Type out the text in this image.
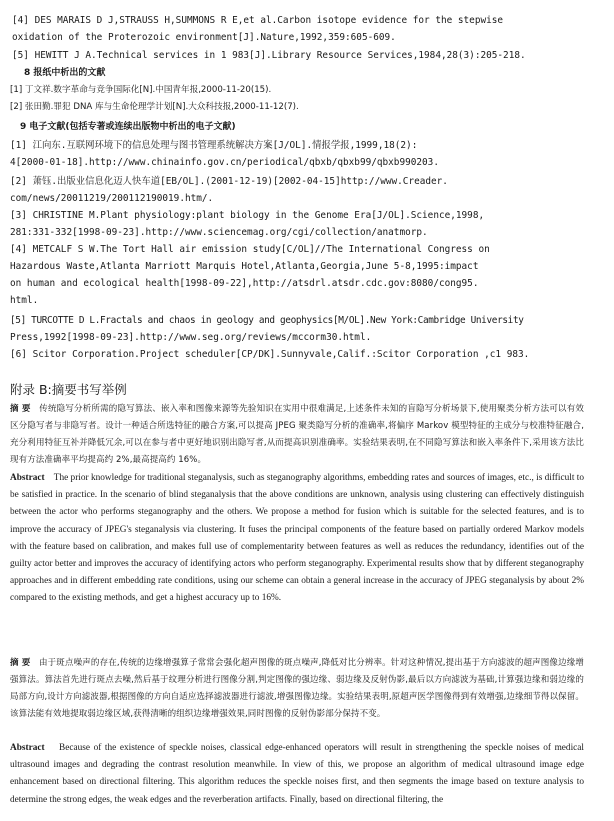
[4] DES MARAIS D J,STRAUSS H,SUMMONS R E,et al.Carbon isotope evidence for the stepwise
oxidation of the Proterozoic environment[J].Nature,1992,359:605-609.
[5] HEWITT J A.Technical services in 1 983[J].Library Resource Services,1984,28(3):205-218.
8 报纸中析出的文献
[1] 丁文祥.数字革命与竞争国际化[N].中国青年报,2000-11-20(15).
[2] 张田勤.罪犯 DNA 库与生命伦理学计划[N].大众科技报,2000-11-12(7).
9 电子文献(包括专著或连续出版物中析出的电子文献)
[1] 江向东.互联网环境下的信息处理与图书管理系统解决方案[J/OL].情报学报,1999,18(2):
4[2000-01-18].http://www.chinainfo.gov.cn/periodical/qbxb/qbxb99/qbxb990203.
[2] 萧钰.出版业信息化迈人快车道[EB/OL].(2001-12-19)[2002-04-15]http://www.Creader.
com/news/20011219/200112190019.htm/.
[3] CHRISTINE M.Plant physiology:plant biology in the Genome Era[J/OL].Science,1998,
281:331-332[1998-09-23].http://www.sciencemag.org/cgi/collection/anatmorp.
[4] METCALF S W.The Tort Hall air emission study[C/OL]//The International Congress on
Hazardous Waste,Atlanta Marriott Marquis Hotel,Atlanta,Georgia,June 5-8,1995:impact
on human and ecological health[1998-09-22],http://atsdrl.atsdr.cdc.gov:8080/cong95.
html.
[5] TURCOTTE D L.Fractals and chaos in geology and geophysics[M/OL].New York:Cambridge University
Press,1992[1998-09-23].http://www.seg.org/reviews/mccorm30.html.
[6] Scitor Corporation.Project scheduler[CP/DK].Sunnyvale,Calif.:Scitor Corporation ,c1 983.
附录 B:摘要书写举例

摘 要 传统隐写分析所需的隐写算法、嵌入率和图像来源等先验知识在实用中很难满足,上述条件未知的盲隐写分析场景下,使用聚类分析方法可以有效区分隐写者与非隐写者。设计一种适合所选特征的融合方案,可以提高 JPEG 聚类隐写分析的准确率,将偏序 Markov 模型特征的主成分与校准特征融合,充分利用特征互补并降低冗余,可以在参与者中更好地识别出隐写者,从而提高识别准确率。实验结果表明,在不同隐写算法和嵌入率条件下,采用该方法比现有方法准确率平均提高约 2%,最高提高约 16%。

Abstract The prior knowledge for traditional steganalysis, such as steganography algorithms, embedding rates and sources of images, etc., is difficult to be satisfied in practice. In the scenario of blind steganalysis that the above conditions are unknown, analysis using clustering can effectively distinguish between the actor who performs steganography and the others. We propose a method for fusion which is suitable for the selected features, and is to improve the accuracy of JPEG's steganalysis via clustering. It fuses the principal components of the feature based on partially ordered Markov models with the feature based on calibration, and makes full use of complementarity between features as well as reduces the redundancy, identifies out of the guilty actor better and improves the accuracy of identifying actors who perform steganography. Experimental results show that by different steganography approaches and in different embedding rate conditions, using our scheme can obtain a general increase in the accuracy of JPEG steganalysis by about 2% compared to the existing methods, and get a highest accuracy up to 16%.

摘 要 由于斑点噪声的存在,传统的边缘增强算子常常会强化超声图像的斑点噪声,降低对比分辨率。针对这种情况,提出基于方向滤波的超声图像边缘增强算法。算法首先进行斑点去噪,然后基于纹理分析进行图像分割,判定图像的强边缘、弱边缘及反射伪影,最后以方向滤波为基础,计算强边缘和弱边缘的局部方向,设计方向滤波器,根据图像的方向自适应选择滤波器进行滤波,增强图像边缘。实验结果表明,原超声医学图像得到有效增强,边缘细节得以保留。该算法能有效地提取弱边缘区域,获得清晰的组织边缘增强效果,同时图像的反射伪影部分保持不变。

Abstract Because of the existence of speckle noises, classical edge-enhanced operators will result in strengthening the speckle noises of medical ultrasound images and degrading the contrast resolution meanwhile. In view of this, we propose an algorithm of medical ultrasound image edge enhancement based on directional filtering. This algorithm reduces the speckle noises first, and then segments the image based on texture analysis to determine the strong edges, the weak edges and the reverberation artifacts. Finally, based on directional filtering, the
